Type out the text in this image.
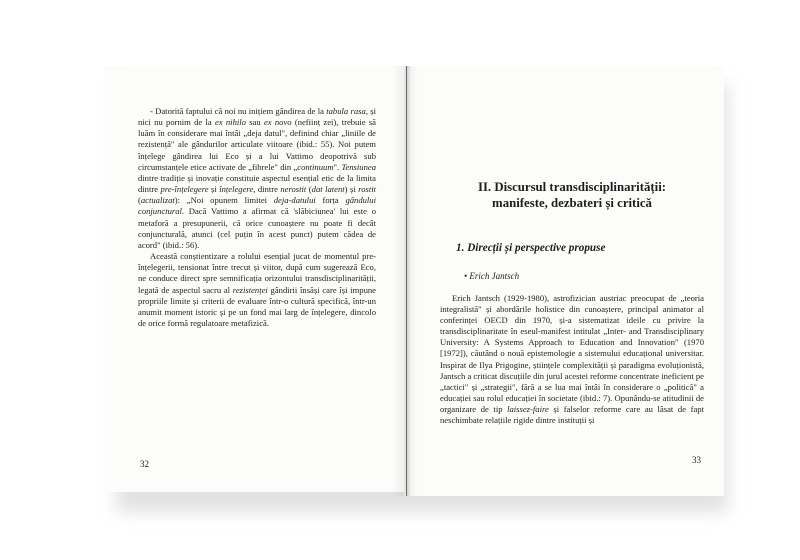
- Datorită faptului că noi nu inițiem gândirea de la tabula rasa, și nici nu pornim de la ex nihilo sau ex novo (neființ zei), trebuie să luăm în considerare mai întâi „deja datul", definind chiar „liniile de rezistență" ale gândurilor articulate viitoare (ibid.: 55). Noi putem înțelege gândirea lui Eco și a lui Vattimo deopotrivă sub circumstanțele etice activate de „fibrele" din „continuum". Tensiunea dintre tradiție și inovație constituie aspectul esențial etic de la limita dintre pre-înțelegere și înțelegere, dintre nerostit (dat latent) și rostit (actualizat): „Noi opunem limitei deja-datului forța gândului conjunctural. Dacă Vattimo a afirmat că 'slăbiciunea' lui este o metaforă a presupunerii, că orice cunoaștere nu poate fi decât conjuncturală, atunci (cel puțin în acest punct) putem cădea de acord" (ibid.: 56).

Această conștientizare a rolului esențial jucat de momentul pre-înțelegerii, tensionat între trecut și viitor, după cum sugerează Eco, ne conduce direct spre semnificația orizontului transdisciplinarității, legată de aspectul sacru al rezistenței gândirii însăși care își impune propriile limite și criterii de evaluare într-o cultură specifică, într-un anumit moment istoric și pe un fond mai larg de înțelegere, dincolo de orice formă regulatoare metafizică.

32
II. Discursul transdisciplinarității:
manifeste, dezbateri și critică
1. Direcții și perspective propuse
• Erich Jantsch

Erich Jantsch (1929-1980), astrofizician austriac preocupat de „teoria integralistă" și abordările holistice din cunoaștere, principal animator al conferinței OECD din 1970, și-a sistematizat ideile cu privire la transdisciplinaritate în eseul-manifest intitulat „Inter- and Transdisciplinary University: A Systems Approach to Education and Innovation" (1970 [1972]), căutând o nouă epistemologie a sistemului educațional universitar. Inspirat de Ilya Prigogine, științele complexității și paradigma evoluționistă, Jantsch a criticat discuțiile din jurul acestei reforme concentrate ineficient pe „tactici" și „strategii", fără a se lua mai întâi în considerare o „politică" a educației sau rolul educației în societate (ibid.: 7). Opunându-se atitudinii de organizare de tip laissez-faire și falselor reforme care au lăsat de fapt neschimbate relațiile rigide dintre instituții și

33
